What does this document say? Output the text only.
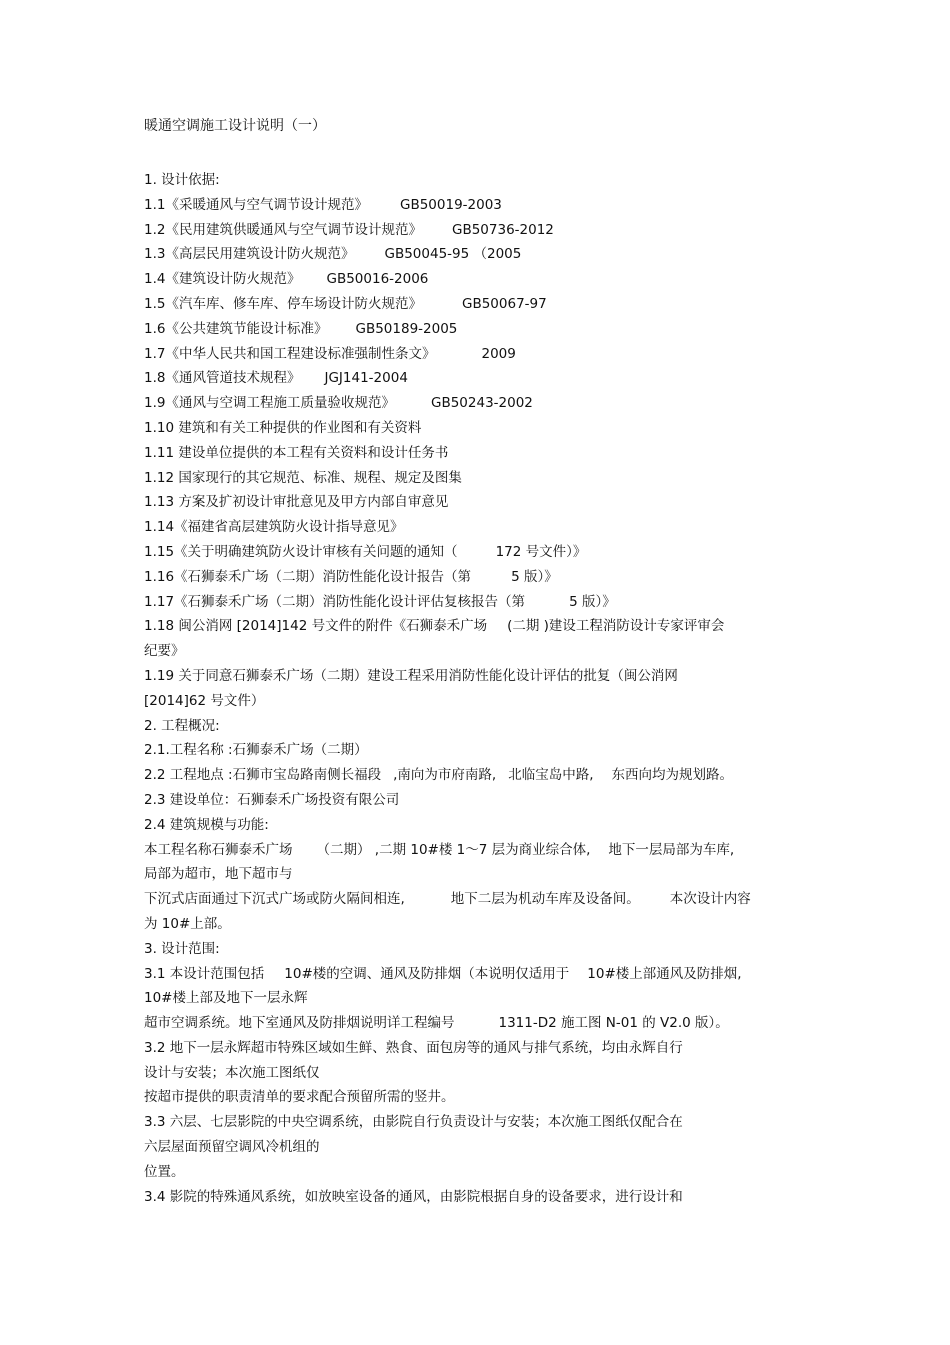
暖通空调施工设计说明（一）
1. 设计依据:
1.1《采暖通风与空气调节设计规范》 GB50019-2003
1.2《民用建筑供暖通风与空气调节设计规范》 GB50736-2012
1.3《高层民用建筑设计防火规范》 GB50045-95 （2005
1.4《建筑设计防火规范》 GB50016-2006
1.5《汽车库、修车库、停车场设计防火规范》	GB50067-97
1.6《公共建筑节能设计标准》 GB50189-2005
1.7《中华人民共和国工程建设标准强制性条文》	2009
1.8《通风管道技术规程》 JGJ141-2004
1.9《通风与空调工程施工质量验收规范》	GB50243-2002
1.10 建筑和有关工种提供的作业图和有关资料
1.11 建设单位提供的本工程有关资料和设计任务书
1.12 国家现行的其它规范、标准、规程、规定及图集
1.13 方案及扩初设计审批意见及甲方内部自审意见
1.14《福建省高层建筑防火设计指导意见》
1.15《关于明确建筑防火设计审核有关问题的通知（	172 号文件）》
1.16《石狮泰禾广场（二期）消防性能化设计报告（第	5 版）》
1.17《石狮泰禾广场（二期）消防性能化设计评估复核报告（第	5 版）》
1.18 闽公消网 [2014]142 号文件的附件《石狮泰禾广场 (二期 )建设工程消防设计专家评审会
纪要》
1.19 关于同意石狮泰禾广场（二期）建设工程采用消防性能化设计评估的批复（闽公消网
[2014]62 号文件）
2. 工程概况:
2.1.工程名称 :石狮泰禾广场（二期）
2.2 工程地点 :石狮市宝岛路南侧长福段 ,南向为市府南路, 北临宝岛中路, 东西向均为规划路。
2.3 建设单位：石狮泰禾广场投资有限公司
2.4 建筑规模与功能:
本工程名称石狮泰禾广场 （二期） ,二期 10#楼 1～7 层为商业综合体, 地下一层局部为车库,
局部为超市，地下超市与
下沉式店面通过下沉式广场或防火隔间相连,	地下二层为机动车库及设备间。 本次设计内容
为 10#上部。
3. 设计范围:
3.1 本设计范围包括 10#楼的空调、通风及防排烟（本说明仅适用于 10#楼上部通风及防排烟,
10#楼上部及地下一层永辉
超市空调系统。地下室通风及防排烟说明详工程编号	1311-D2 施工图 N-01 的 V2.0 版）。
3.2 地下一层永辉超市特殊区域如生鲜、熟食、面包房等的通风与排气系统，均由永辉自行
设计与安装；本次施工图纸仅
按超市提供的职责清单的要求配合预留所需的竖井。
3.3 六层、七层影院的中央空调系统，由影院自行负责设计与安装；本次施工图纸仅配合在
六层屋面预留空调风冷机组的
位置。
3.4 影院的特殊通风系统，如放映室设备的通风，由影院根据自身的设备要求，进行设计和
